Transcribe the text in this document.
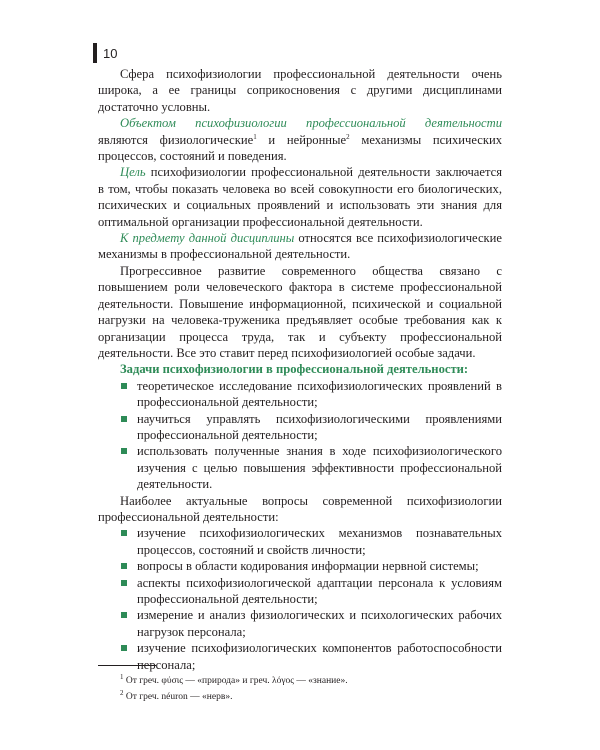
10

Сфера психофизиологии профессиональной деятельности очень широка, а ее границы соприкосновения с другими дисциплинами достаточно условны.

Объектом психофизиологии профессиональной деятельности являются физиологические$^1$ и нейронные$^2$ механизмы психических процессов, состояний и поведения.

Цель психофизиологии профессиональной деятельности заключается в том, чтобы показать человека во всей совокупности его биологических, психических и социальных проявлений и использовать эти знания для оптимальной организации профессиональной деятельности.

К предмету данной дисциплины относятся все психофизиологические механизмы в профессиональной деятельности.

Прогрессивное развитие современного общества связано с повышением роли человеческого фактора в системе профессиональной деятельности. Повышение информационной, психической и социальной нагрузки на человека-труженика предъявляет особые требования как к организации процесса труда, так и субъекту профессиональной деятельности. Все это ставит перед психофизиологией особые задачи.

Задачи психофизиологии в профессиональной деятельности:

теоретическое исследование психофизиологических проявлений в профессиональной деятельности;
научиться управлять психофизиологическими проявлениями профессиональной деятельности;
использовать полученные знания в ходе психофизиологического изучения с целью повышения эффективности профессиональной деятельности.

Наиболее актуальные вопросы современной психофизиологии профессиональной деятельности:

изучение психофизиологических механизмов познавательных процессов, состояний и свойств личности;
вопросы в области кодирования информации нервной системы;
аспекты психофизиологической адаптации персонала к условиям профессиональной деятельности;
измерение и анализ физиологических и психологических рабочих нагрузок персонала;
изучение психофизиологических компонентов работоспособности персонала;
$^1$ От греч. φύσις — «природа» и греч. λόγος — «знание».
$^2$ От греч. néuron — «нерв».
